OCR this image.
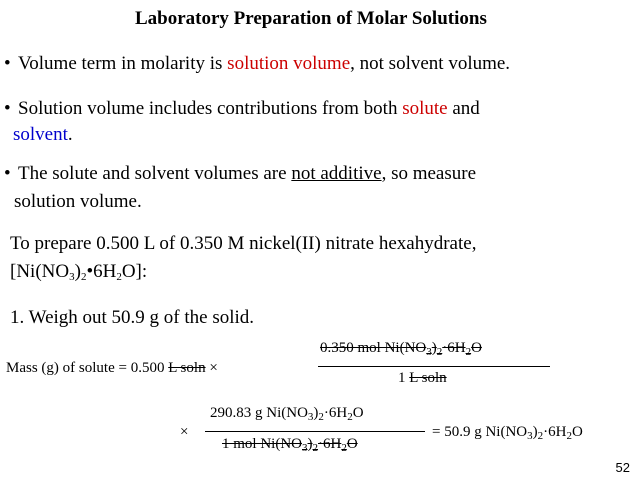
Laboratory Preparation of Molar Solutions
• Volume term in molarity is solution volume, not solvent volume.
• Solution volume includes contributions from both solute and
solvent.
• The solute and solvent volumes are not additive, so measure
solution volume.
To prepare 0.500 L of 0.350 M nickel(II) nitrate hexahydrate,
$[Ni(NO_3)_2•6H_2O]$:
1. Weigh out 50.9 g of the solid.
Mass (g) of solute = 0.500 L soln ×
0.350 mol $Ni(NO_3)_2\cdot 6H_2O$
1 L soln
×
290.83 g $Ni(NO_3)_2\cdot 6H_2O$
1 mol $Ni(NO_3)_2\cdot 6H_2O$
= 50.9 g $Ni(NO_3)_2\cdot 6H_2O$
52
